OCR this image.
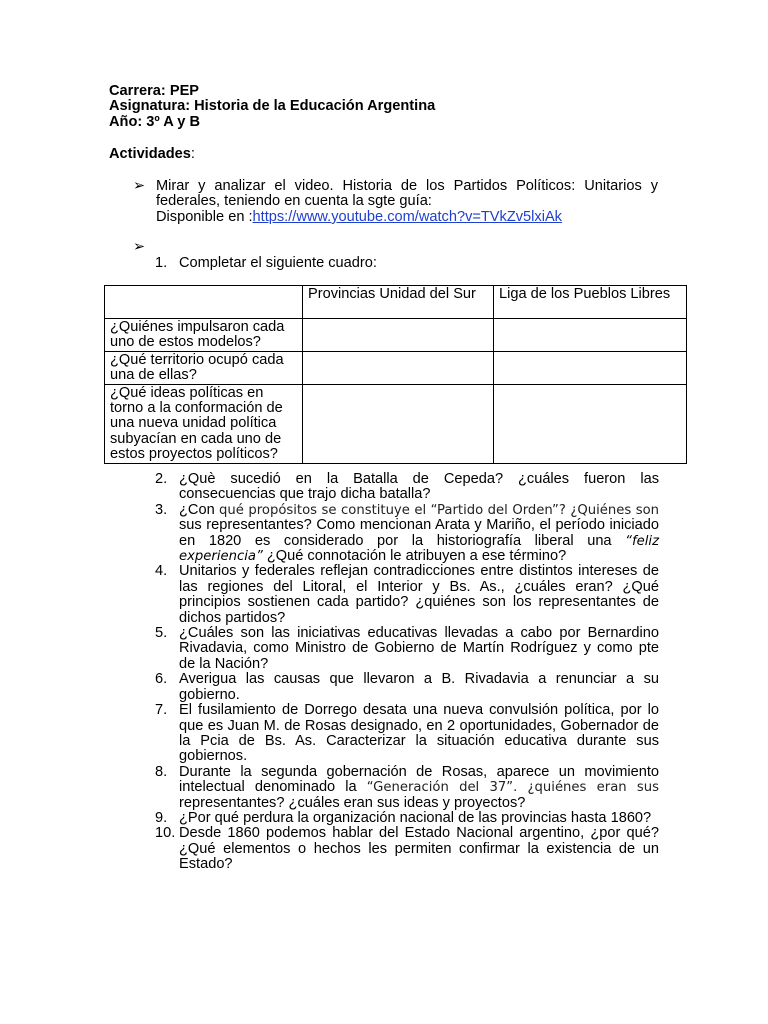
Carrera: PEP
Asignatura: Historia de la Educación Argentina
Año: 3º A y B
Actividades:
➢ Mirar y analizar el video. Historia de los Partidos Políticos: Unitarios y federales, teniendo en cuenta la sgte guía:
Disponible en :https://www.youtube.com/watch?v=TVkZv5lxiAk
➢
1. Completar el siguiente cuadro:
	Provincias Unidad del Sur	Liga de los Pueblos Libres
¿Quiénes impulsaron cada uno de estos modelos?		
¿Qué territorio ocupó cada una de ellas?		
¿Qué ideas políticas en torno a la conformación de una nueva unidad política subyacían en cada uno de estos proyectos políticos?		
2. ¿Què sucedió en la Batalla de Cepeda? ¿cuáles fueron las consecuencias que trajo dicha batalla?
3. ¿Con qué propósitos se constituye el “Partido del Orden”? ¿Quiénes son sus representantes? Como mencionan Arata y Mariño, el período iniciado en 1820 es considerado por la historiografía liberal una “feliz experiencia” ¿Qué connotación le atribuyen a ese término?
4. Unitarios y federales reflejan contradicciones entre distintos intereses de las regiones del Litoral, el Interior y Bs. As., ¿cuáles eran? ¿Qué principios sostienen cada partido? ¿quiénes son los representantes de dichos partidos?
5. ¿Cuáles son las iniciativas educativas llevadas a cabo por Bernardino Rivadavia, como Ministro de Gobierno de Martín Rodríguez y como pte de la Nación?
6. Averigua las causas que llevaron a B. Rivadavia a renunciar a su gobierno.
7. El fusilamiento de Dorrego desata una nueva convulsión política, por lo que es Juan M. de Rosas designado, en 2 oportunidades, Gobernador de la Pcia de Bs. As. Caracterizar la situación educativa durante sus gobiernos.
8. Durante la segunda gobernación de Rosas, aparece un movimiento intelectual denominado la “Generación del 37”. ¿quiénes eran sus representantes? ¿cuáles eran sus ideas y proyectos?
9. ¿Por qué perdura la organización nacional de las provincias hasta 1860?
10. Desde 1860 podemos hablar del Estado Nacional argentino, ¿por qué? ¿Qué elementos o hechos les permiten confirmar la existencia de un Estado?
